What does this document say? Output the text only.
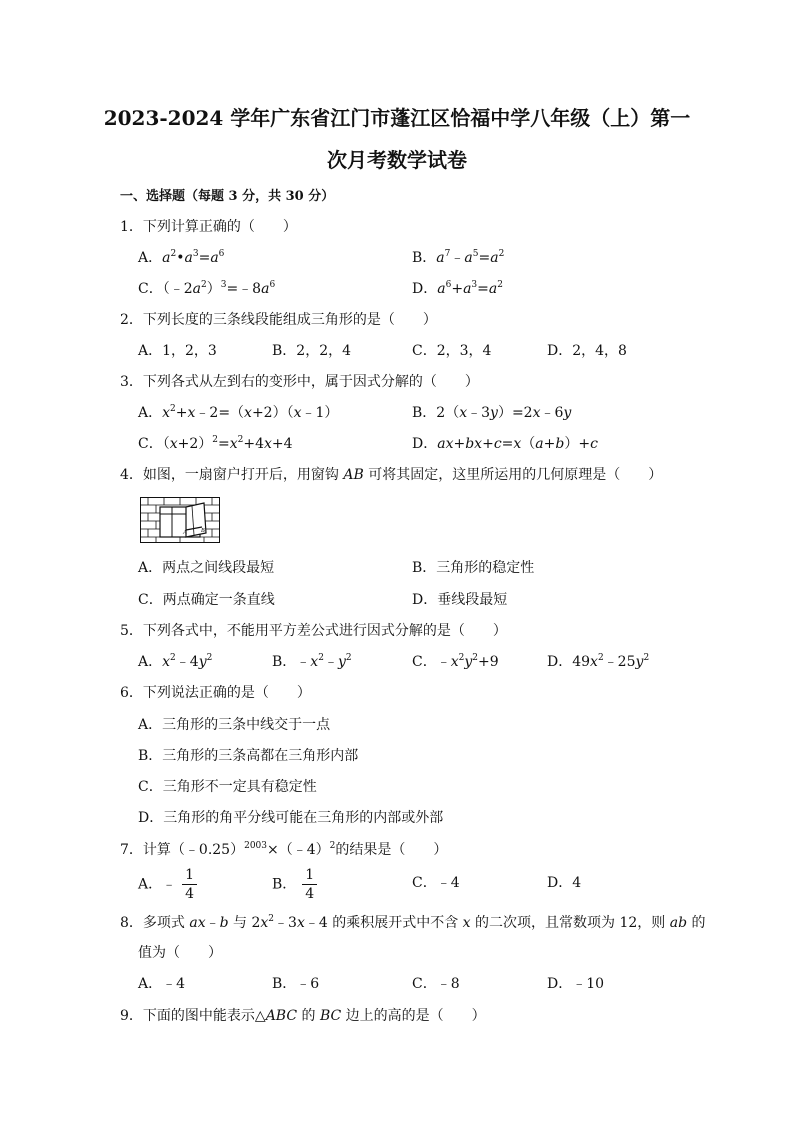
2023-2024 学年广东省江门市蓬江区恰福中学八年级（上）第一
次月考数学试卷
一、选择题（每题 3 分，共 30 分）
1．下列计算正确的（　　）
A．$a^2•a^3=a^6$	B．$a^7﹣a^5=a^2$
C．$(﹣2a^2)^3=﹣8a^6$	D．$a^6+a^3=a^2$
2．下列长度的三条线段能组成三角形的是（　　）
A．1，2，3	B．2，2，4	C．2，3，4	D．2，4，8
3．下列各式从左到右的变形中，属于因式分解的（　　）
A．$x^2+x﹣2=(x+2)(x﹣1)$	B．2（x﹣3y）=2x﹣6y
C．$(x+2)^2=x^2+4x+4$	D．ax+bx+c=x（a+b）+c
4．如图，一扇窗户打开后，用窗钩 AB 可将其固定，这里所运用的几何原理是（　　）
A B
A．两点之间线段最短	B．三角形的稳定性
C．两点确定一条直线	D．垂线段最短
5．下列各式中，不能用平方差公式进行因式分解的是（　　）
A．$x^2﹣4y^2$	B．$﹣x^2﹣y^2$	C．$﹣x^2y^2+9$	D．$49x^2﹣25y^2$
6．下列说法正确的是（　　）
A．三角形的三条中线交于一点
B．三角形的三条高都在三角形内部
C．三角形不一定具有稳定性
D．三角形的角平分线可能在三角形的内部或外部
7．计算（﹣0.25）$^{2003}$×（﹣4）$^2$的结果是（　　）
A．﹣ $\frac{1}{4}$	B． $\frac{1}{4}$	C．﹣4	D．4
8．多项式 ax﹣b 与 $2x^2﹣3x﹣4$ 的乘积展开式中不含 x 的二次项，且常数项为 12，则 ab 的
值为（　　）
A．﹣4	B．﹣6	C．﹣8	D．﹣10
9．下面的图中能表示△ABC 的 BC 边上的高的是（　　）
